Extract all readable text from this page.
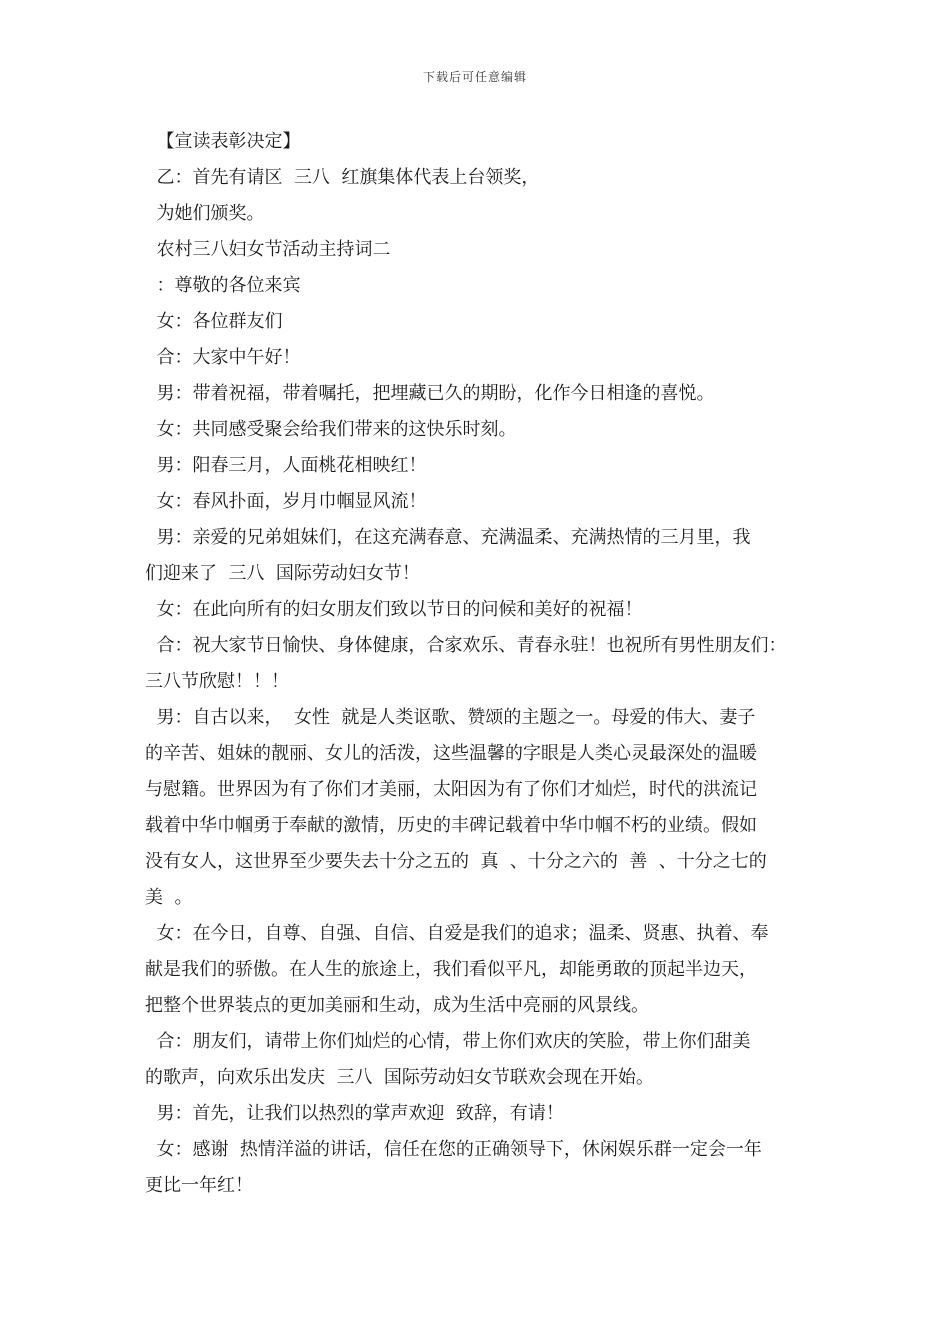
下载后可任意编辑
【宣读表彰决定】
乙：首先有请区  三八  红旗集体代表上台领奖，
为她们颁奖。
农村三八妇女节活动主持词二
：尊敬的各位来宾
女：各位群友们
合：大家中午好！
男：带着祝福，带着嘱托，把埋藏已久的期盼，化作今日相逢的喜悦。
女：共同感受聚会给我们带来的这快乐时刻。
男：阳春三月，人面桃花相映红！
女：春风扑面，岁月巾帼显风流！
男：亲爱的兄弟姐妹们，在这充满春意、充满温柔、充满热情的三月里，我
们迎来了  三八  国际劳动妇女节！
女：在此向所有的妇女朋友们致以节日的问候和美好的祝福！
合：祝大家节日愉快、身体健康，合家欢乐、青春永驻！也祝所有男性朋友们：
三八节欣慰！！！
男：自古以来，  女性  就是人类讴歌、赞颂的主题之一。母爱的伟大、妻子
的辛苦、姐妹的靓丽、女儿的活泼，这些温馨的字眼是人类心灵最深处的温暖
与慰籍。世界因为有了你们才美丽，太阳因为有了你们才灿烂，时代的洪流记
载着中华巾帼勇于奉献的激情，历史的丰碑记载着中华巾帼不朽的业绩。假如
没有女人，这世界至少要失去十分之五的  真  、十分之六的  善  、十分之七的
美  。
女：在今日，自尊、自强、自信、自爱是我们的追求；温柔、贤惠、执着、奉
献是我们的骄傲。在人生的旅途上，我们看似平凡，却能勇敢的顶起半边天，
把整个世界装点的更加美丽和生动，成为生活中亮丽的风景线。
合：朋友们，请带上你们灿烂的心情，带上你们欢庆的笑脸，带上你们甜美
的歌声，向欢乐出发庆  三八  国际劳动妇女节联欢会现在开始。
男：首先，让我们以热烈的掌声欢迎  致辞，有请！
女：感谢  热情洋溢的讲话，信任在您的正确领导下，休闲娱乐群一定会一年
更比一年红！
